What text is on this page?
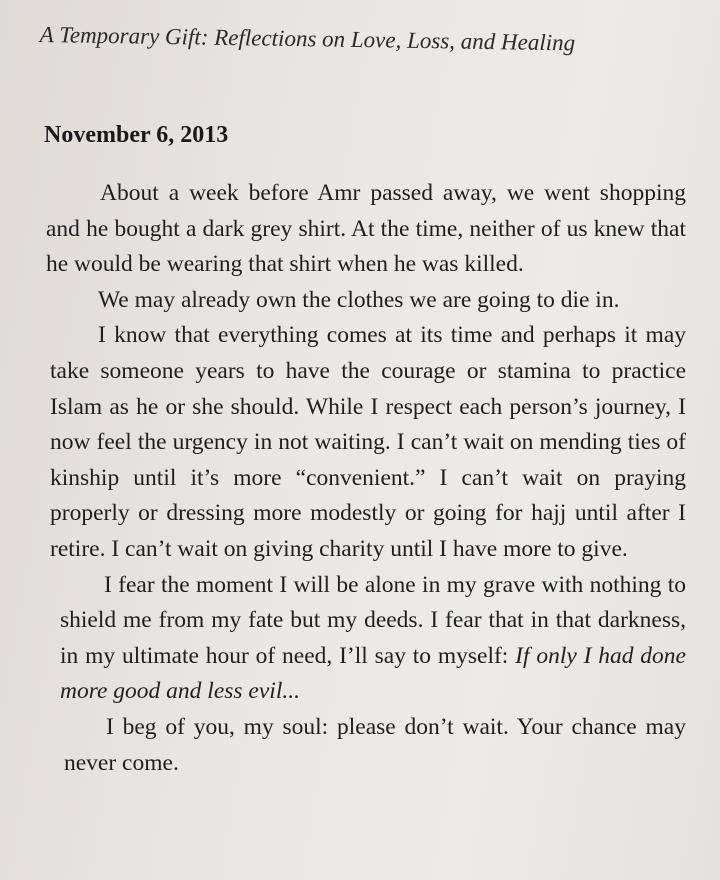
A Temporary Gift: Reflections on Love, Loss, and Healing
November 6, 2013

About a week before Amr passed away, we went shopping and he bought a dark grey shirt. At the time, neither of us knew that he would be wearing that shirt when he was killed.

We may already own the clothes we are going to die in.

I know that everything comes at its time and perhaps it may take someone years to have the courage or stamina to practice Islam as he or she should. While I respect each person’s journey, I now feel the urgency in not waiting. I can’t wait on mending ties of kinship until it’s more “convenient.” I can’t wait on praying properly or dressing more modestly or going for hajj until after I retire. I can’t wait on giving charity until I have more to give.

I fear the moment I will be alone in my grave with nothing to shield me from my fate but my deeds. I fear that in that darkness, in my ultimate hour of need, I’ll say to myself: If only I had done more good and less evil...

I beg of you, my soul: please don’t wait. Your chance may never come.
